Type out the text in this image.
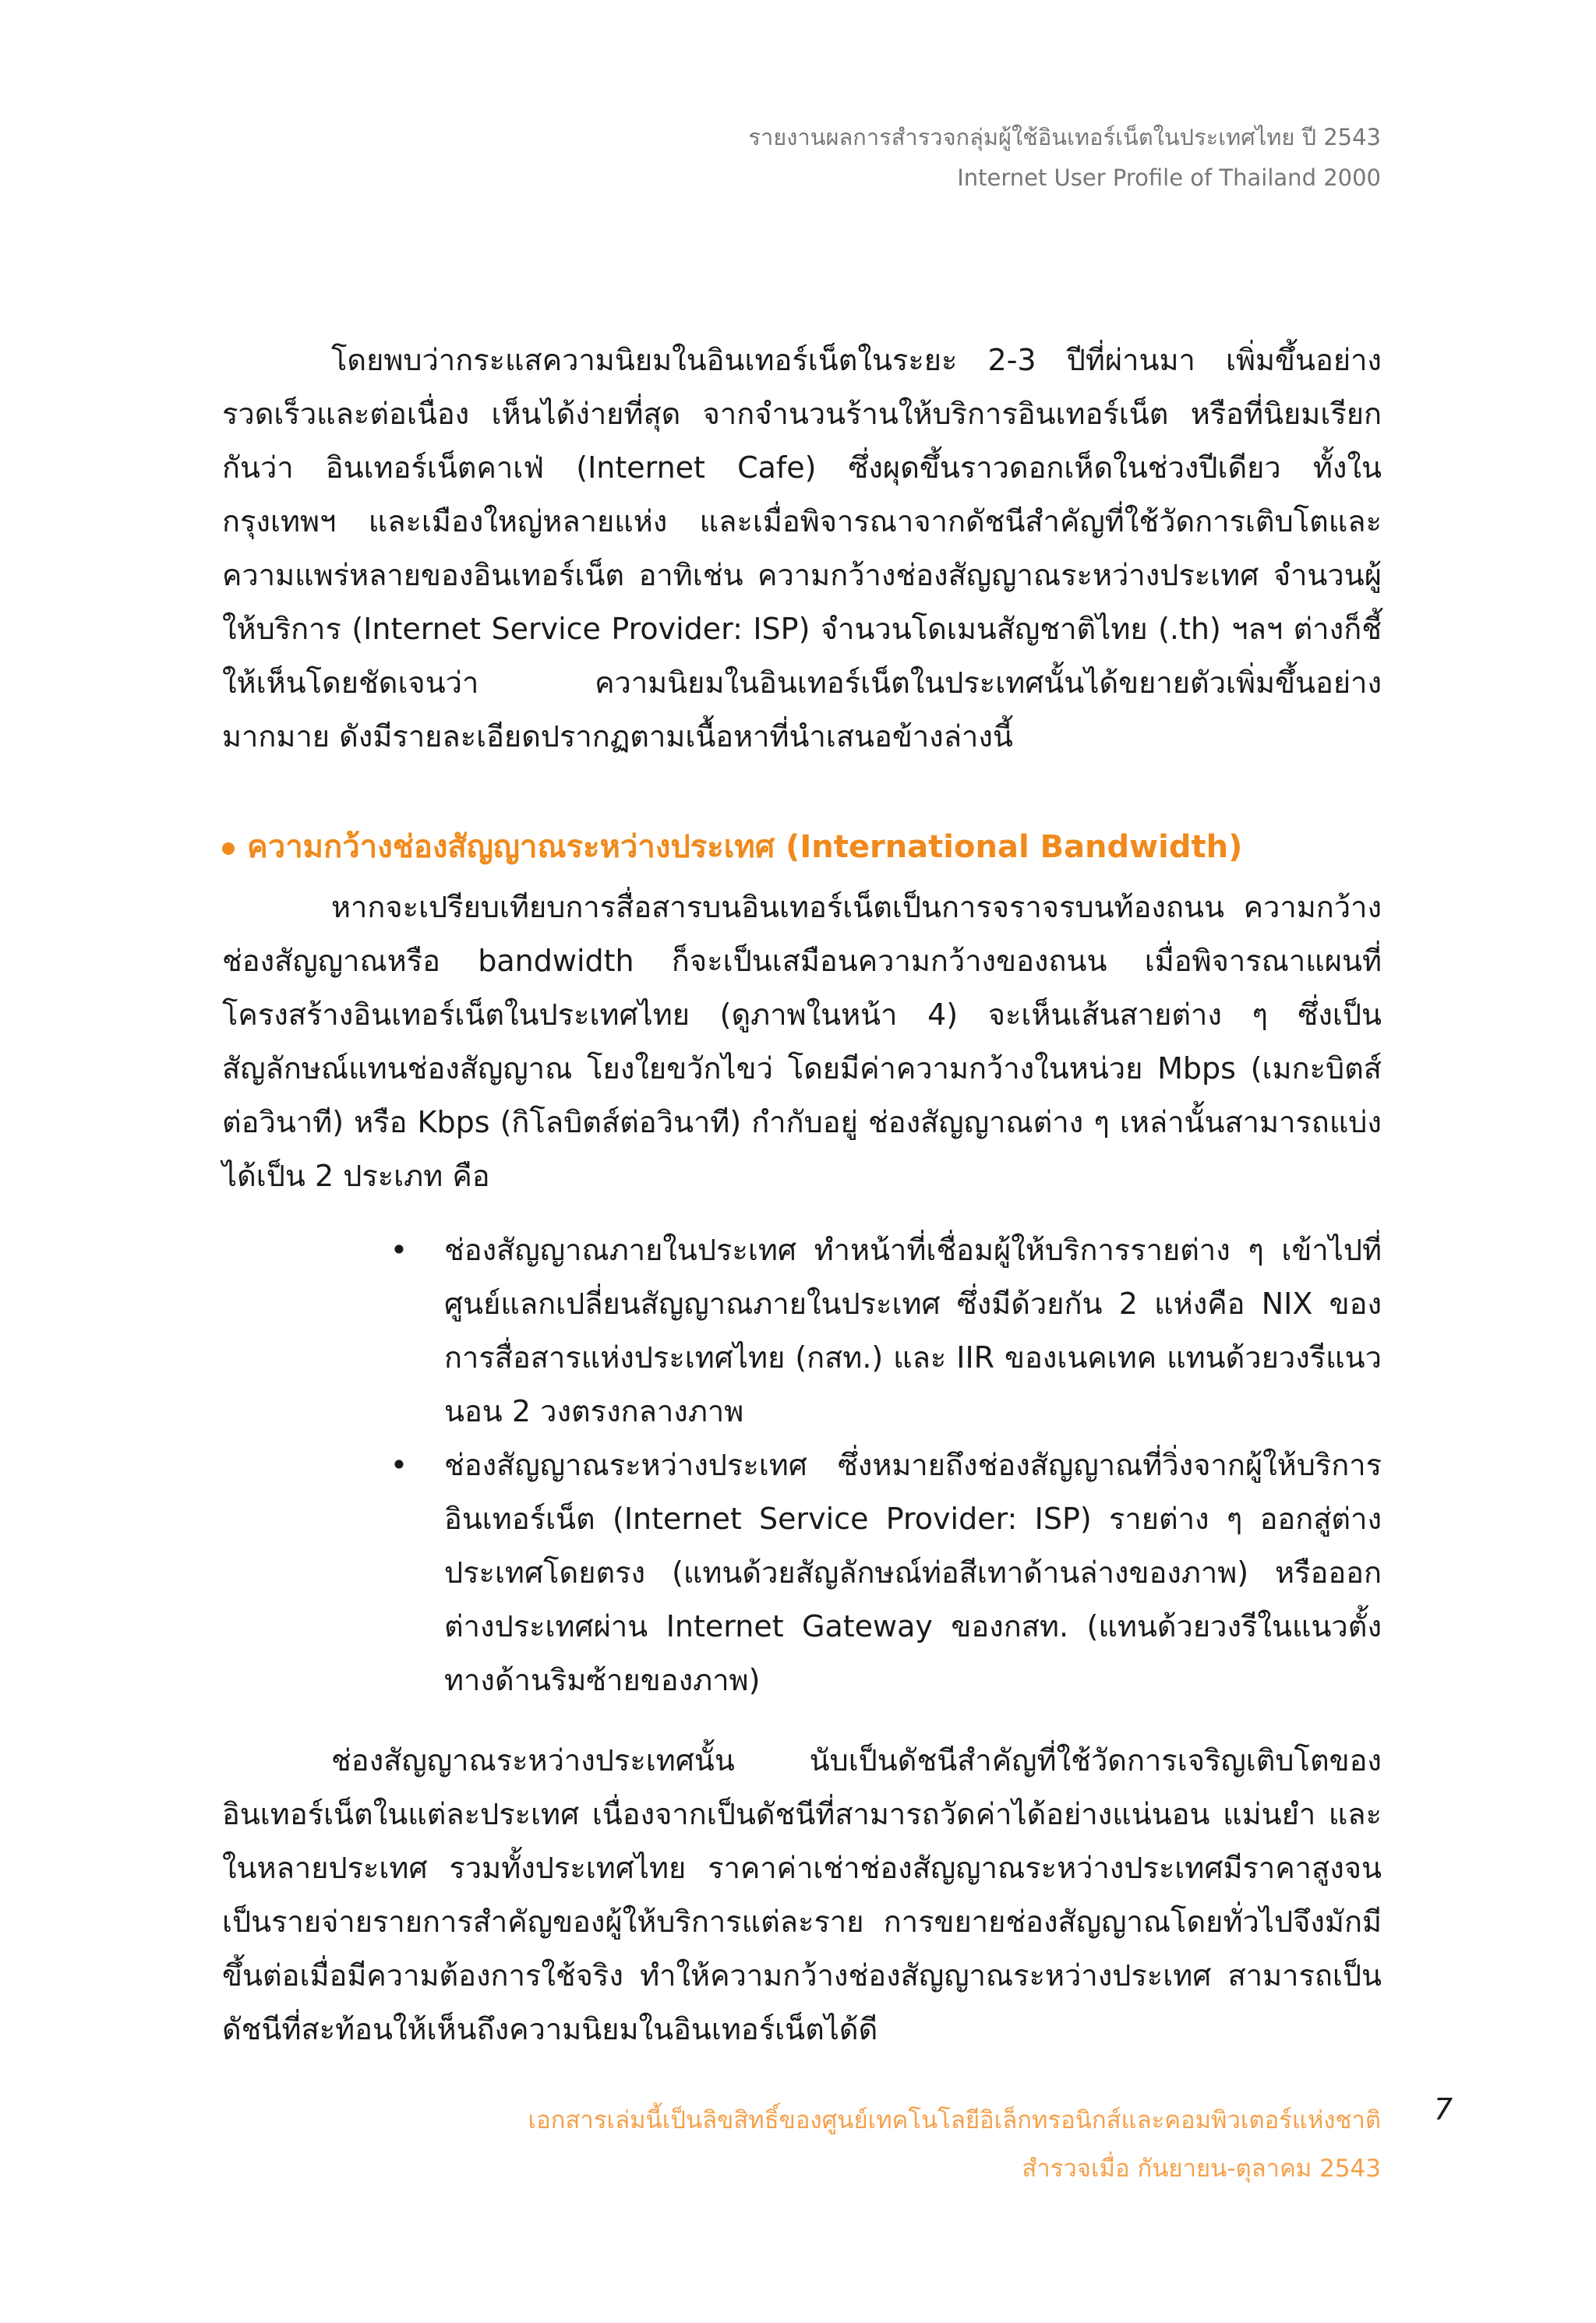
รายงานผลการสำรวจกลุ่มผู้ใช้อินเทอร์เน็ตในประเทศไทย ปี 2543
Internet User Profile of Thailand 2000

โดยพบว่ากระแสความนิยมในอินเทอร์เน็ตในระยะ 2-3 ปีที่ผ่านมา เพิ่มขึ้นอย่างรวดเร็วและต่อเนื่อง เห็นได้ง่ายที่สุด จากจำนวนร้านให้บริการอินเทอร์เน็ต หรือที่นิยมเรียกกันว่า อินเทอร์เน็ตคาเฟ่ (Internet Cafe) ซึ่งผุดขึ้นราวดอกเห็ดในช่วงปีเดียว ทั้งในกรุงเทพฯ และเมืองใหญ่หลายแห่ง และเมื่อพิจารณาจากดัชนีสำคัญที่ใช้วัดการเติบโตและความแพร่หลายของอินเทอร์เน็ต อาทิเช่น ความกว้างช่องสัญญาณระหว่างประเทศ จำนวนผู้ให้บริการ (Internet Service Provider: ISP) จำนวนโดเมนสัญชาติไทย (.th) ฯลฯ ต่างก็ชี้ให้เห็นโดยชัดเจนว่า ความนิยมในอินเทอร์เน็ตในประเทศนั้นได้ขยายตัวเพิ่มขึ้นอย่างมากมาย ดังมีรายละเอียดปรากฏตามเนื้อหาที่นำเสนอข้างล่างนี้

ความกว้างช่องสัญญาณระหว่างประเทศ (International Bandwidth)

หากจะเปรียบเทียบการสื่อสารบนอินเทอร์เน็ตเป็นการจราจรบนท้องถนน ความกว้างช่องสัญญาณหรือ bandwidth ก็จะเป็นเสมือนความกว้างของถนน เมื่อพิจารณาแผนที่โครงสร้างอินเทอร์เน็ตในประเทศไทย (ดูภาพในหน้า 4) จะเห็นเส้นสายต่าง ๆ ซึ่งเป็นสัญลักษณ์แทนช่องสัญญาณ โยงใยขวักไขว่ โดยมีค่าความกว้างในหน่วย Mbps (เมกะบิตส์ต่อวินาที) หรือ Kbps (กิโลบิตส์ต่อวินาที) กำกับอยู่ ช่องสัญญาณต่าง ๆ เหล่านั้นสามารถแบ่งได้เป็น 2 ประเภท คือ

• ช่องสัญญาณภายในประเทศ ทำหน้าที่เชื่อมผู้ให้บริการรายต่าง ๆ เข้าไปที่ศูนย์แลกเปลี่ยนสัญญาณภายในประเทศ ซึ่งมีด้วยกัน 2 แห่งคือ NIX ของการสื่อสารแห่งประเทศไทย (กสท.) และ IIR ของเนคเทค แทนด้วยวงรีแนวนอน 2 วงตรงกลางภาพ
• ช่องสัญญาณระหว่างประเทศ ซึ่งหมายถึงช่องสัญญาณที่วิ่งจากผู้ให้บริการอินเทอร์เน็ต (Internet Service Provider: ISP) รายต่าง ๆ ออกสู่ต่างประเทศโดยตรง (แทนด้วยสัญลักษณ์ท่อสีเทาด้านล่างของภาพ) หรือออกต่างประเทศผ่าน Internet Gateway ของกสท. (แทนด้วยวงรีในแนวตั้งทางด้านริมซ้ายของภาพ)

ช่องสัญญาณระหว่างประเทศนั้น นับเป็นดัชนีสำคัญที่ใช้วัดการเจริญเติบโตของอินเทอร์เน็ตในแต่ละประเทศ เนื่องจากเป็นดัชนีที่สามารถวัดค่าได้อย่างแน่นอน แม่นยำ และในหลายประเทศ รวมทั้งประเทศไทย ราคาค่าเช่าช่องสัญญาณระหว่างประเทศมีราคาสูงจนเป็นรายจ่ายรายการสำคัญของผู้ให้บริการแต่ละราย การขยายช่องสัญญาณโดยทั่วไปจึงมักมีขึ้นต่อเมื่อมีความต้องการใช้จริง ทำให้ความกว้างช่องสัญญาณระหว่างประเทศ สามารถเป็นดัชนีที่สะท้อนให้เห็นถึงความนิยมในอินเทอร์เน็ตได้ดี

เอกสารเล่มนี้เป็นลิขสิทธิ์ของศูนย์เทคโนโลยีอิเล็กทรอนิกส์และคอมพิวเตอร์แห่งชาติ
สำรวจเมื่อ กันยายน-ตุลาคม 2543
7
